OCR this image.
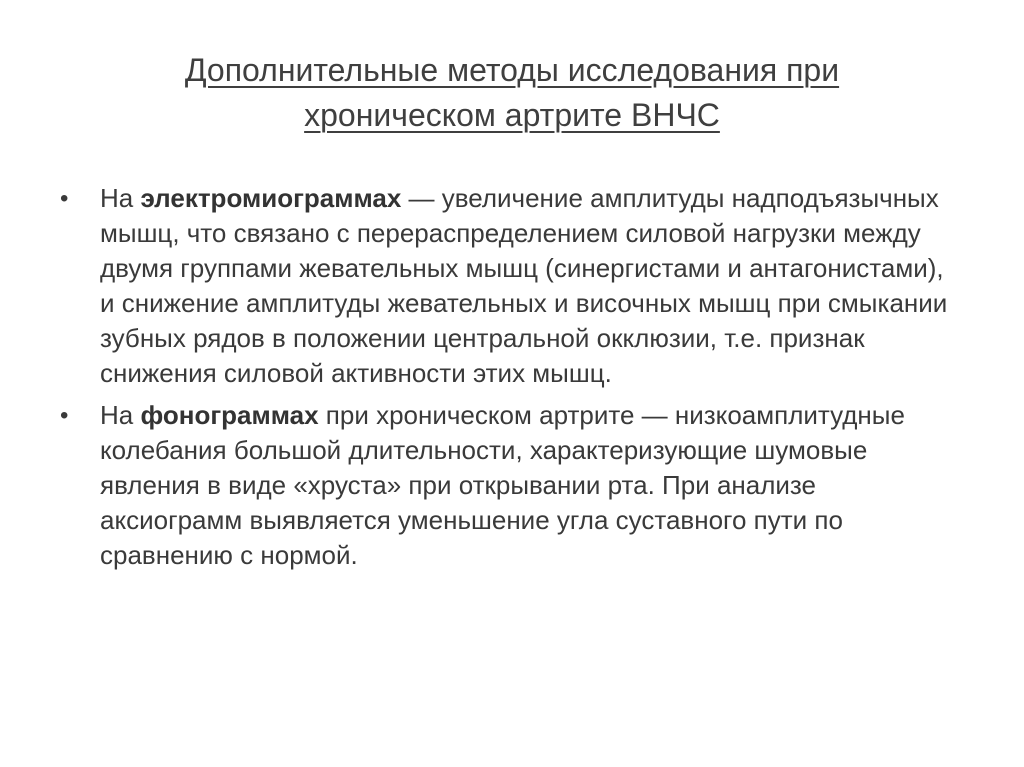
Дополнительные методы исследования при
хроническом артрите ВНЧС
• На электромиограммах — увеличение амплитуды надподъязычных мышц, что связано с перераспределением силовой нагрузки между двумя группами жевательных мышц (синергистами и антагонистами), и снижение амплитуды жевательных и височных мышц при смыкании зубных рядов в положении центральной окклюзии, т.е. признак снижения силовой активности этих мышц.
• На фонограммах при хроническом артрите — низкоамплитудные колебания большой длительности, характеризующие шумовые явления в виде «хруста» при открывании рта. При анализе аксиограмм выявляется уменьшение угла суставного пути по сравнению с нормой.
